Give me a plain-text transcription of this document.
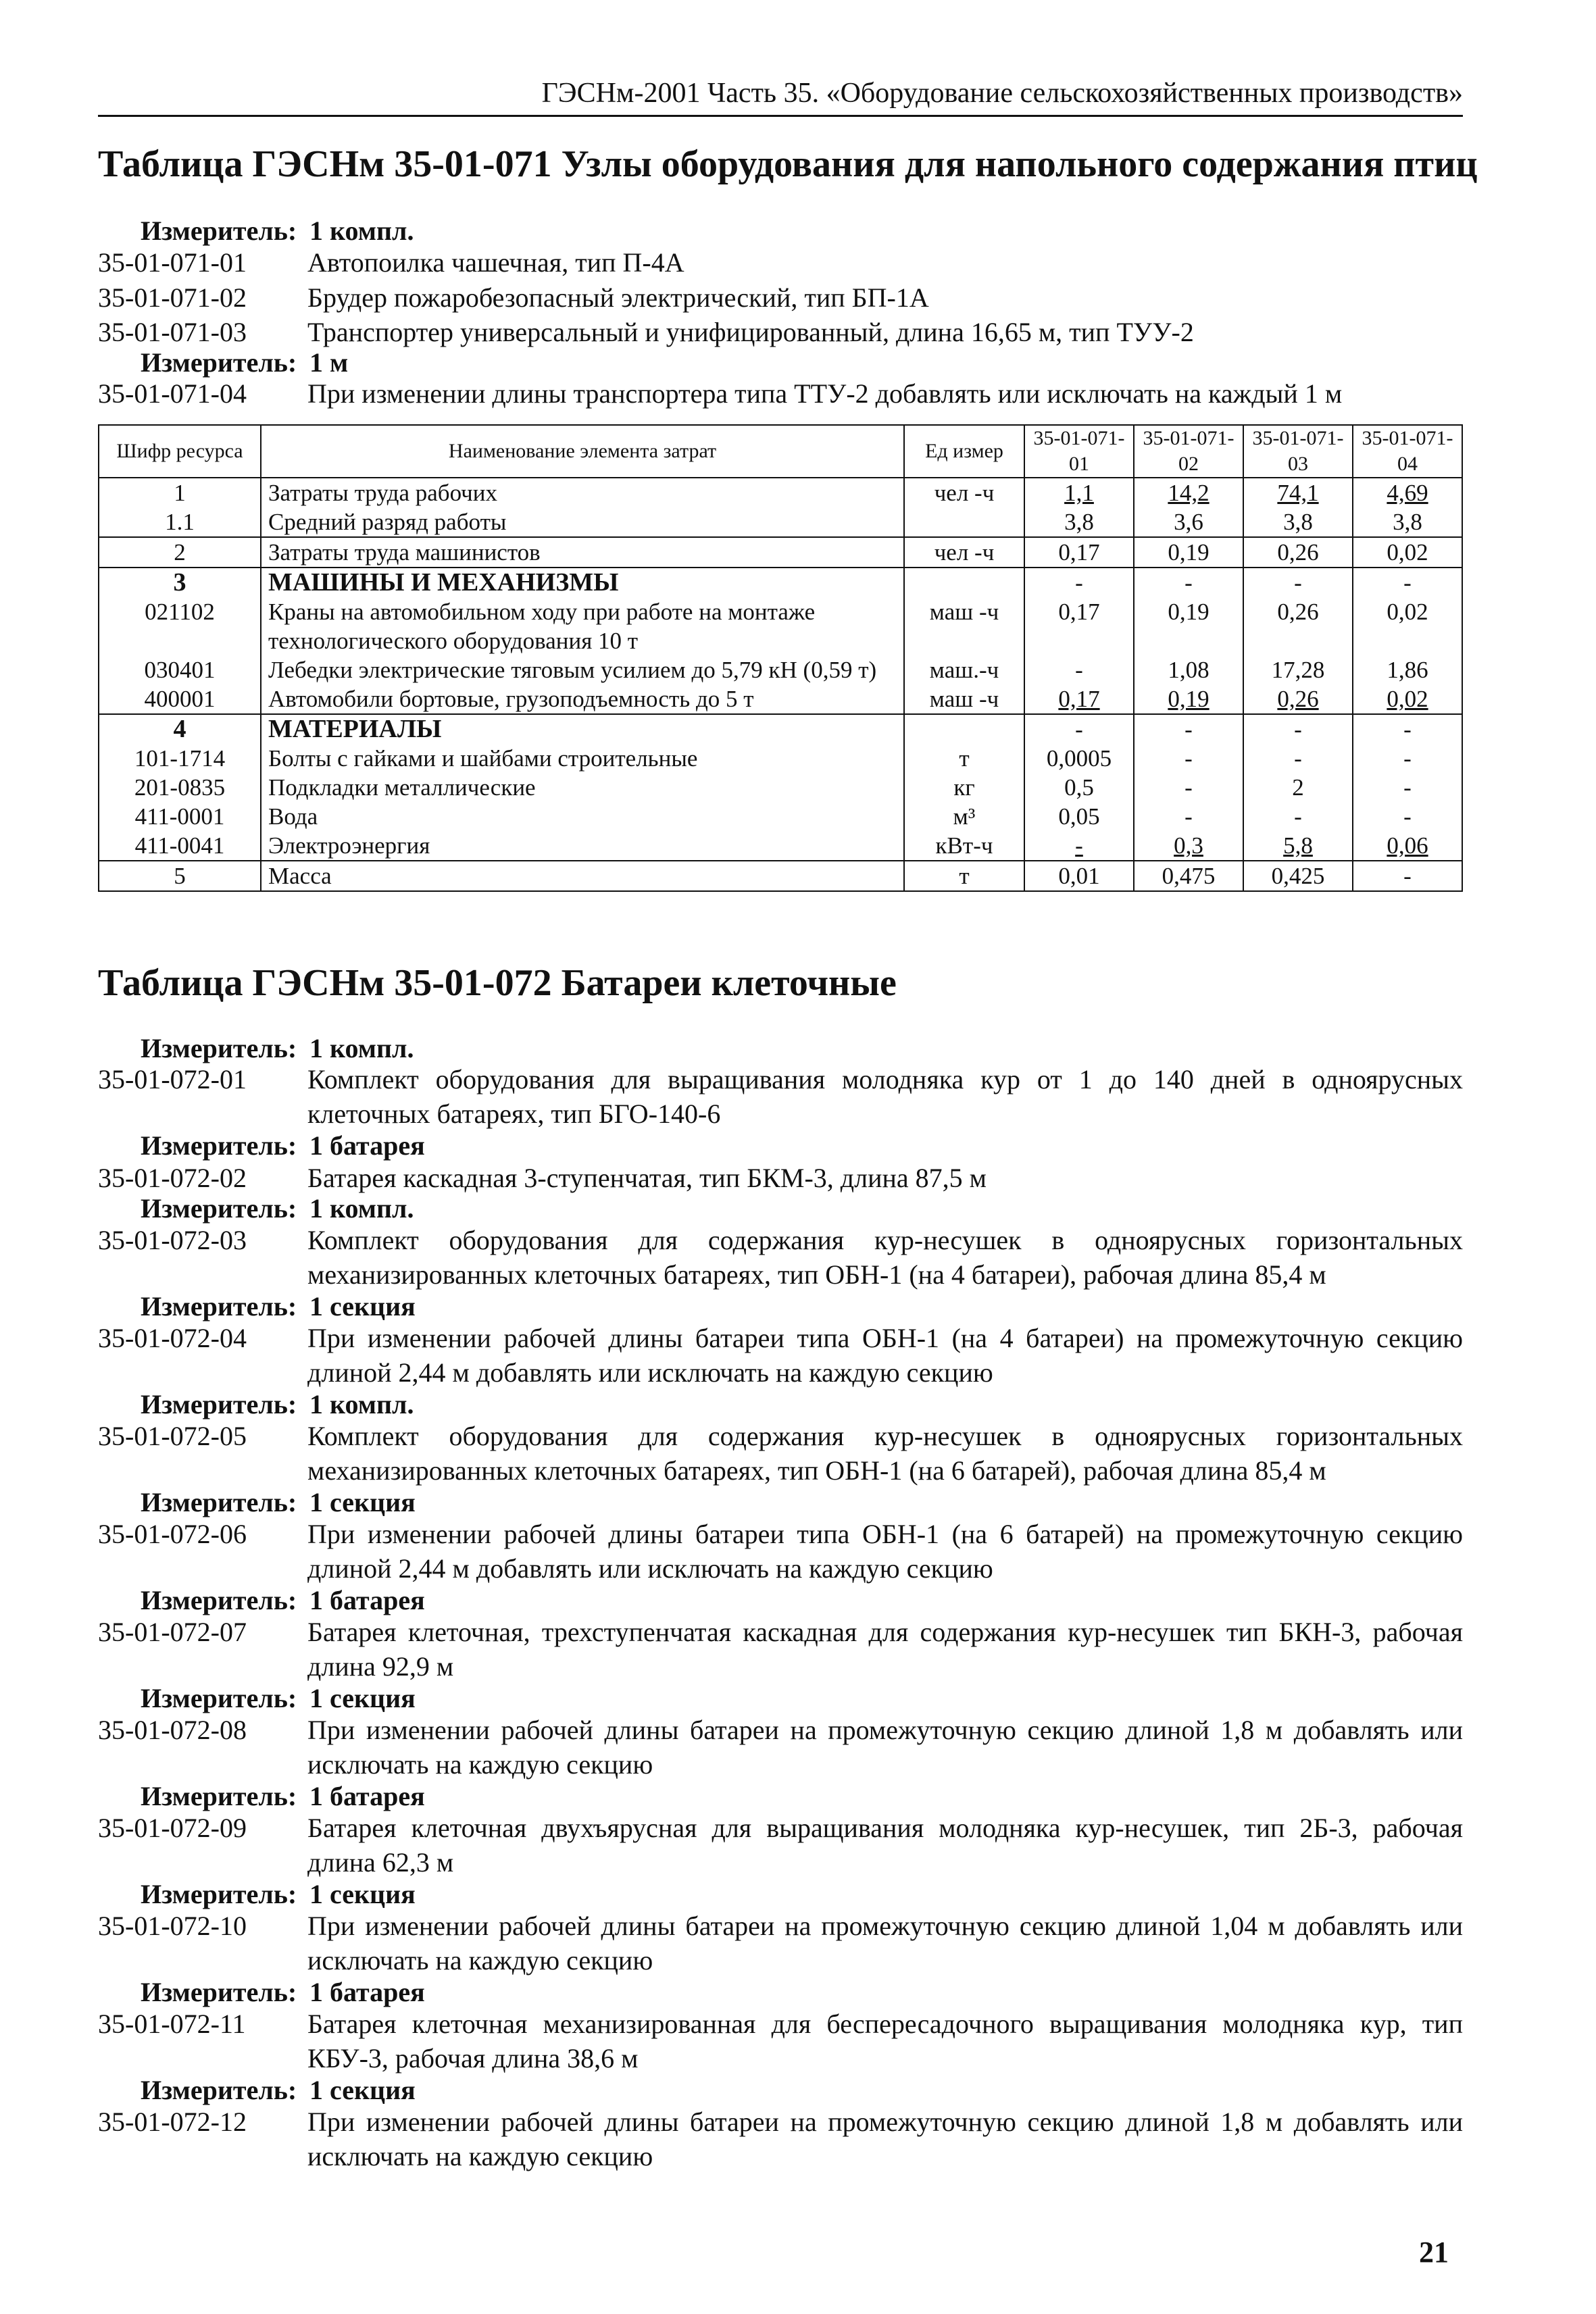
ГЭСНм-2001 Часть 35. «Оборудование сельскохозяйственных производств»
Таблица ГЭСНм 35-01-071 Узлы оборудования для напольного содержания птиц
Измеритель: 1 компл.
35-01-071-01 Автопоилка чашечная, тип П-4А
35-01-071-02 Брудер пожаробезопасный электрический, тип БП-1А
35-01-071-03 Транспортер универсальный и унифицированный, длина 16,65 м, тип ТУУ-2
Измеритель: 1 м
35-01-071-04 При изменении длины транспортера типа ТТУ-2 добавлять или исключать на каждый 1 м
Шифр ресурса	Наименование элемента затрат	Ед измер	35-01-071-01	35-01-071-02	35-01-071-03	35-01-071-04
1	Затраты труда рабочих	чел -ч	1,1	14,2	74,1	4,69
1.1	Средний разряд работы		3,8	3,6	3,8	3,8
2	Затраты труда машинистов	чел -ч	0,17	0,19	0,26	0,02
3	МАШИНЫ И МЕХАНИЗМЫ		-	-	-	-
021102	Краны на автомобильном ходу при работе на монтаже технологического оборудования 10 т	маш -ч	0,17	0,19	0,26	0,02
030401	Лебедки электрические тяговым усилием до 5,79 кН (0,59 т)	маш.-ч	-	1,08	17,28	1,86
400001	Автомобили бортовые, грузоподъемность до 5 т	маш -ч	0,17	0,19	0,26	0,02
4	МАТЕРИАЛЫ		-	-	-	-
101-1714	Болты с гайками и шайбами строительные	т	0,0005	-	-	-
201-0835	Подкладки металлические	кг	0,5	-	2	-
411-0001	Вода	м³	0,05	-	-	-
411-0041	Электроэнергия	кВт-ч	-	0,3	5,8	0,06
5	Масса	т	0,01	0,475	0,425	-
Таблица ГЭСНм 35-01-072 Батареи клеточные
Измеритель: 1 компл.
35-01-072-01 Комплект оборудования для выращивания молодняка кур от 1 до 140 дней в одноярусных клеточных батареях, тип БГО-140-6
Измеритель: 1 батарея
35-01-072-02 Батарея каскадная 3-ступенчатая, тип БКМ-3, длина 87,5 м
Измеритель: 1 компл.
35-01-072-03 Комплект оборудования для содержания кур-несушек в одноярусных горизонтальных механизированных клеточных батареях, тип ОБН-1 (на 4 батареи), рабочая длина 85,4 м
Измеритель: 1 секция
35-01-072-04 При изменении рабочей длины батареи типа ОБН-1 (на 4 батареи) на промежуточную секцию длиной 2,44 м добавлять или исключать на каждую секцию
Измеритель: 1 компл.
35-01-072-05 Комплект оборудования для содержания кур-несушек в одноярусных горизонтальных механизированных клеточных батареях, тип ОБН-1 (на 6 батарей), рабочая длина 85,4 м
Измеритель: 1 секция
35-01-072-06 При изменении рабочей длины батареи типа ОБН-1 (на 6 батарей) на промежуточную секцию длиной 2,44 м добавлять или исключать на каждую секцию
Измеритель: 1 батарея
35-01-072-07 Батарея клеточная, трехступенчатая каскадная для содержания кур-несушек тип БКН-3, рабочая длина 92,9 м
Измеритель: 1 секция
35-01-072-08 При изменении рабочей длины батареи на промежуточную секцию длиной 1,8 м добавлять или исключать на каждую секцию
Измеритель: 1 батарея
35-01-072-09 Батарея клеточная двухъярусная для выращивания молодняка кур-несушек, тип 2Б-3, рабочая длина 62,3 м
Измеритель: 1 секция
35-01-072-10 При изменении рабочей длины батареи на промежуточную секцию длиной 1,04 м добавлять или исключать на каждую секцию
Измеритель: 1 батарея
35-01-072-11 Батарея клеточная механизированная для беспересадочного выращивания молодняка кур, тип КБУ-3, рабочая длина 38,6 м
Измеритель: 1 секция
35-01-072-12 При изменении рабочей длины батареи на промежуточную секцию длиной 1,8 м добавлять или исключать на каждую секцию
21
